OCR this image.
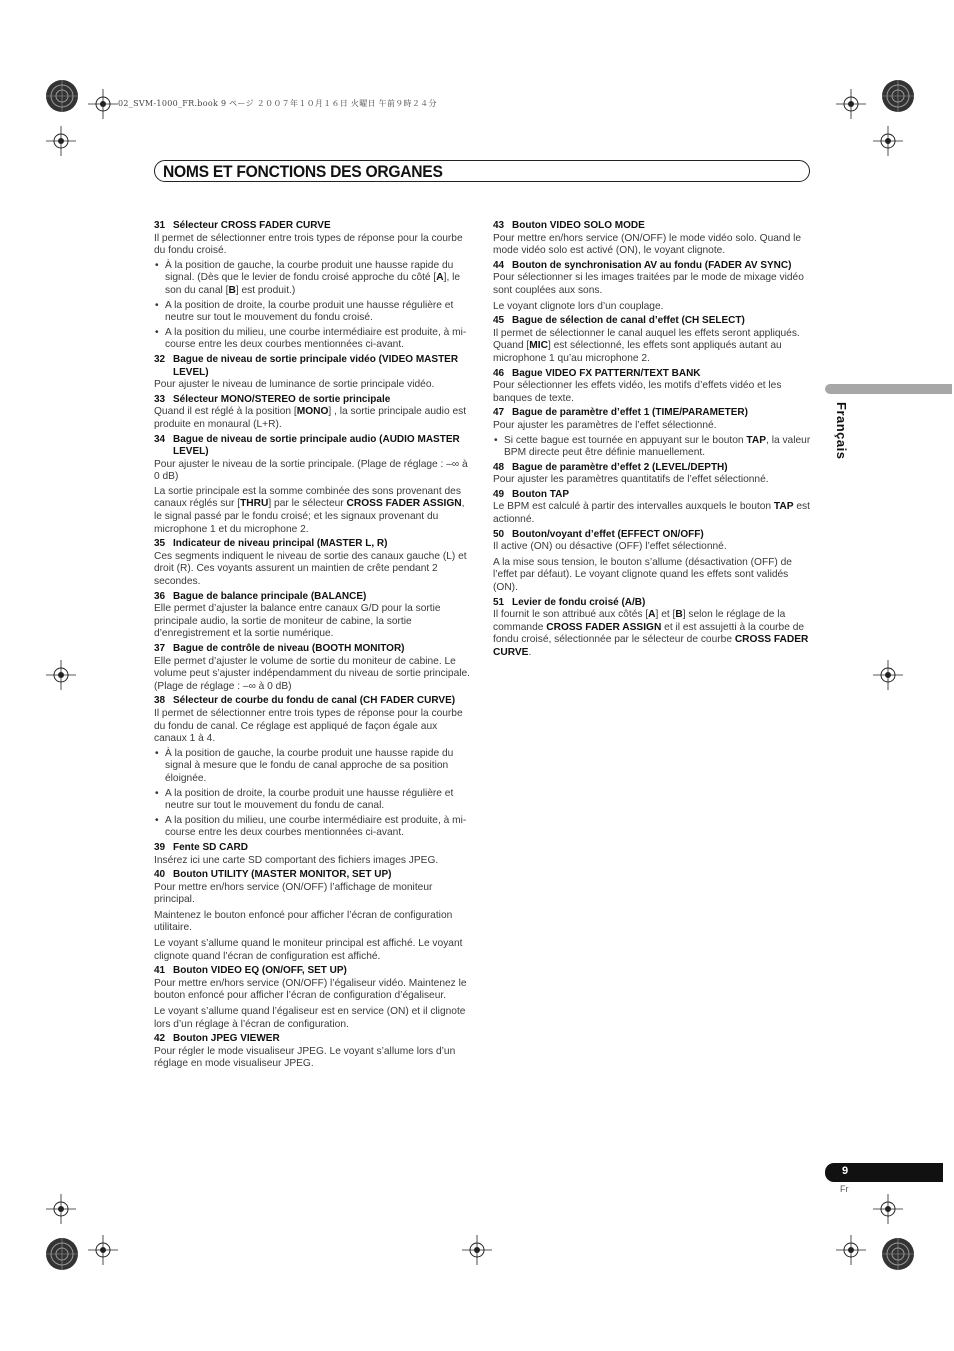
02_SVM-1000_FR.book 9 ページ ２００７年１０月１６日 火曜日 午前９時２４分
NOMS ET FONCTIONS DES ORGANES
Français
31 Sélecteur CROSS FADER CURVE

Il permet de sélectionner entre trois types de réponse pour la courbe du fondu croisé.

• À la position de gauche, la courbe produit une hausse rapide du signal. (Dès que le levier de fondu croisé approche du côté [A], le son du canal [B] est produit.)
• A la position de droite, la courbe produit une hausse régulière et neutre sur tout le mouvement du fondu croisé.
• A la position du milieu, une courbe intermédiaire est produite, à mi-course entre les deux courbes mentionnées ci-avant.
32 Bague de niveau de sortie principale vidéo (VIDEO MASTER LEVEL)

Pour ajuster le niveau de luminance de sortie principale vidéo.

33 Sélecteur MONO/STEREO de sortie principale

Quand il est réglé à la position [MONO] , la sortie principale audio est produite en monaural (L+R).

34 Bague de niveau de sortie principale audio (AUDIO MASTER LEVEL)

Pour ajuster le niveau de la sortie principale. (Plage de réglage : –∞ à 0 dB)

La sortie principale est la somme combinée des sons provenant des canaux réglés sur [THRU] par le sélecteur CROSS FADER ASSIGN, le signal passé par le fondu croisé; et les signaux provenant du microphone 1 et du microphone 2.

35 Indicateur de niveau principal (MASTER L, R)

Ces segments indiquent le niveau de sortie des canaux gauche (L) et droit (R). Ces voyants assurent un maintien de crête pendant 2 secondes.

36 Bague de balance principale (BALANCE)

Elle permet d’ajuster la balance entre canaux G/D pour la sortie principale audio, la sortie de moniteur de cabine, la sortie d’enregistrement et la sortie numérique.

37 Bague de contrôle de niveau (BOOTH MONITOR)

Elle permet d’ajuster le volume de sortie du moniteur de cabine. Le volume peut s’ajuster indépendamment du niveau de sortie principale. (Plage de réglage : –∞ à 0 dB)

38 Sélecteur de courbe du fondu de canal (CH FADER CURVE)

Il permet de sélectionner entre trois types de réponse pour la courbe du fondu de canal. Ce réglage est appliqué de façon égale aux canaux 1 à 4.

• À la position de gauche, la courbe produit une hausse rapide du signal à mesure que le fondu de canal approche de sa position éloignée.
• A la position de droite, la courbe produit une hausse régulière et neutre sur tout le mouvement du fondu de canal.
• A la position du milieu, une courbe intermédiaire est produite, à mi-course entre les deux courbes mentionnées ci-avant.
39 Fente SD CARD

Insérez ici une carte SD comportant des fichiers images JPEG.

40 Bouton UTILITY (MASTER MONITOR, SET UP)

Pour mettre en/hors service (ON/OFF) l’affichage de moniteur principal.

Maintenez le bouton enfoncé pour afficher l’écran de configuration utilitaire.

Le voyant s’allume quand le moniteur principal est affiché. Le voyant clignote quand l’écran de configuration est affiché.

41 Bouton VIDEO EQ (ON/OFF, SET UP)

Pour mettre en/hors service (ON/OFF) l’égaliseur vidéo. Maintenez le bouton enfoncé pour afficher l’écran de configuration d’égaliseur.

Le voyant s’allume quand l’égaliseur est en service (ON) et il clignote lors d’un réglage à l’écran de configuration.

42 Bouton JPEG VIEWER

Pour régler le mode visualiseur JPEG. Le voyant s’allume lors d’un réglage en mode visualiseur JPEG.

43 Bouton VIDEO SOLO MODE

Pour mettre en/hors service (ON/OFF) le mode vidéo solo. Quand le mode vidéo solo est activé (ON), le voyant clignote.

44 Bouton de synchronisation AV au fondu (FADER AV SYNC)

Pour sélectionner si les images traitées par le mode de mixage vidéo sont couplées aux sons.

Le voyant clignote lors d’un couplage.

45 Bague de sélection de canal d’effet (CH SELECT)

Il permet de sélectionner le canal auquel les effets seront appliqués. Quand [MIC] est sélectionné, les effets sont appliqués autant au microphone 1 qu’au microphone 2.

46 Bague VIDEO FX PATTERN/TEXT BANK

Pour sélectionner les effets vidéo, les motifs d’effets vidéo et les banques de texte.

47 Bague de paramètre d’effet 1 (TIME/PARAMETER)

Pour ajuster les paramètres de l’effet sélectionné.

• Si cette bague est tournée en appuyant sur le bouton TAP, la valeur BPM directe peut être définie manuellement.
48 Bague de paramètre d’effet 2 (LEVEL/DEPTH)

Pour ajuster les paramètres quantitatifs de l’effet sélectionné.

49 Bouton TAP

Le BPM est calculé à partir des intervalles auxquels le bouton TAP est actionné.

50 Bouton/voyant d’effet (EFFECT ON/OFF)

Il active (ON) ou désactive (OFF) l’effet sélectionné.

A la mise sous tension, le bouton s’allume (désactivation (OFF) de l’effet par défaut). Le voyant clignote quand les effets sont validés (ON).

51 Levier de fondu croisé (A/B)

Il fournit le son attribué aux côtés [A] et [B] selon le réglage de la commande CROSS FADER ASSIGN et il est assujetti à la courbe de fondu croisé, sélectionnée par le sélecteur de courbe CROSS FADER CURVE.

9
Fr
